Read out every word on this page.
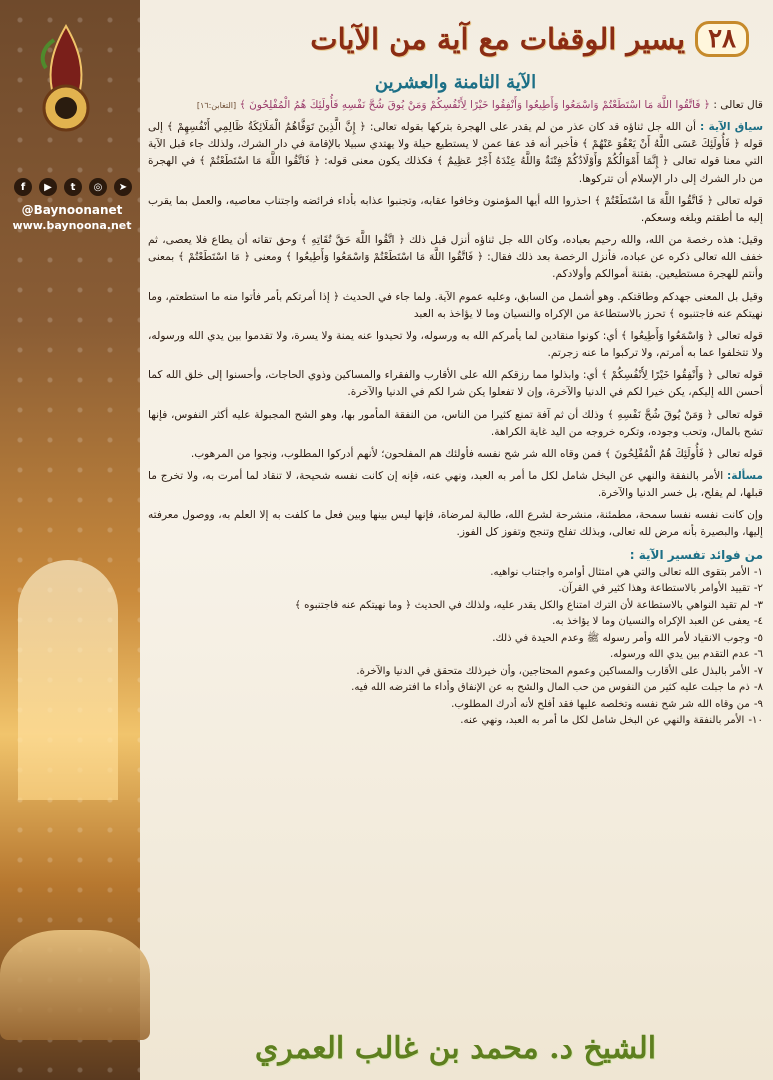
f	▶	t	◎	➤
@Baynoonanet
www.baynoona.net
٢٨
يسير الوقفات مع آية من الآيات
الآية الثامنة والعشرين

قال تعالى : ﴿ فَاتَّقُوا اللَّهَ مَا اسْتَطَعْتُمْ وَاسْمَعُوا وَأَطِيعُوا وَأَنْفِقُوا خَيْرًا لِأَنْفُسِكُمْ وَمَنْ يُوقَ شُحَّ نَفْسِهِ فَأُولَئِكَ هُمُ الْمُفْلِحُونَ ﴾ [التغابن:١٦]

سياق الآية : أن الله جل ثناؤه قد كان عذر من لم يقدر على الهجرة بتركها بقوله تعالى: ﴿ إِنَّ الَّذِينَ تَوَفَّاهُمُ الْمَلَائِكَةُ ظَالِمِي أَنْفُسِهِمْ ﴾ إلى قوله ﴿ فَأُولَئِكَ عَسَى اللَّهُ أَنْ يَعْفُوَ عَنْهُمْ ﴾ فأخبر أنه قد عفا عمن لا يستطيع حيلة ولا يهتدي سبيلا بالإقامة في دار الشرك، ولذلك جاء قبل الآية التي معنا قوله تعالى ﴿ إِنَّمَا أَمْوَالُكُمْ وَأَوْلَادُكُمْ فِتْنَةٌ وَاللَّهُ عِنْدَهُ أَجْرٌ عَظِيمٌ ﴾ فكذلك يكون معنى قوله: ﴿ فَاتَّقُوا اللَّهَ مَا اسْتَطَعْتُمْ ﴾ في الهجرة من دار الشرك إلى دار الإسلام أن تتركوها.

قوله تعالى ﴿ فَاتَّقُوا اللَّهَ مَا اسْتَطَعْتُمْ ﴾ احذروا الله أيها المؤمنون وخافوا عقابه، وتجنبوا عذابه بأداء فرائضه واجتناب معاصيه، والعمل بما يقرب إليه ما أطقتم وبلغه وسعكم.

وقيل: هذه رخصة من الله، والله رحيم بعباده، وكان الله جل ثناؤه أنزل قبل ذلك ﴿ اتَّقُوا اللَّهَ حَقَّ تُقَاتِهِ ﴾ وحق تقاته أن يطاع فلا يعصى، ثم خفف الله تعالى ذكره عن عباده، فأنزل الرخصة بعد ذلك فقال: ﴿ فَاتَّقُوا اللَّهَ مَا اسْتَطَعْتُمْ وَاسْمَعُوا وَأَطِيعُوا ﴾ ومعنى ﴿ مَا اسْتَطَعْتُمْ ﴾ بمعنى وأنتم للهجرة مستطيعين. بفتنة أموالكم وأولادكم.

وقيل بل المعنى جهدكم وطاقتكم. وهو أشمل من السابق، وعليه عموم الآية. ولما جاء في الحديث ﴿ إذا أمرتكم بأمر فأتوا منه ما استطعتم، وما نهيتكم عنه فاجتنبوه ﴾ تحرز بالاستطاعة من الإكراه والنسيان وما لا يؤاخذ به العبد

قوله تعالى ﴿ وَاسْمَعُوا وَأَطِيعُوا ﴾ أي: كونوا منقادين لما يأمركم الله به ورسوله، ولا تحيدوا عنه يمنة ولا يسرة، ولا تقدموا بين يدي الله ورسوله، ولا تتخلفوا عما به أمرتم، ولا تركبوا ما عنه زجرتم.

قوله تعالى ﴿ وَأَنْفِقُوا خَيْرًا لِأَنْفُسِكُمْ ﴾ أي: وابذلوا مما رزقكم الله على الأقارب والفقراء والمساكين وذوي الحاجات، وأحسنوا إلى خلق الله كما أحسن الله إليكم، يكن خيرا لكم في الدنيا والآخرة، وإن لا تفعلوا يكن شرا لكم في الدنيا والآخرة.

قوله تعالى ﴿ وَمَنْ يُوقَ شُحَّ نَفْسِهِ ﴾ وذلك أن ثم آفة تمنع كثيرا من الناس، من النفقة المأمور بها، وهو الشح المجبولة عليه أكثر النفوس، فإنها تشح بالمال، وتحب وجوده، وتكره خروجه من اليد غاية الكراهة.

قوله تعالى ﴿ فَأُولَئِكَ هُمُ الْمُفْلِحُونَ ﴾ فمن وقاه الله شر شح نفسه فأولئك هم المفلحون؛ لأنهم أدركوا المطلوب، ونجوا من المرهوب.

مسألة: الأمر بالنفقة والنهي عن البخل شامل لكل ما أمر به العبد، ونهي عنه، فإنه إن كانت نفسه شحيحة، لا تنقاد لما أمرت به، ولا تخرج ما قبلها، لم يفلح، بل خسر الدنيا والآخرة.

وإن كانت نفسه نفسا سمحة، مطمئنة، منشرحة لشرع الله، طالبة لمرضاة، فإنها ليس بينها وبين فعل ما كلفت به إلا العلم به، ووصول معرفته إليها، والبصيرة بأنه مرض لله تعالى، وبذلك تفلح وتنجح وتفوز كل الفوز.

من فوائد تفسير الآية :
١-الأمر بتقوى الله تعالى والتي هي امتثال أوامره واجتناب نواهيه.
٢-تقييد الأوامر بالاستطاعة وهذا كثير في القرآن.
٣-لم تقيد النواهي بالاستطاعة لأن الترك امتناع والكل يقدر عليه، ولذلك في الحديث ﴿ وما نهيتكم عنه فاجتنبوه ﴾
٤-يعفى عن العبد الإكراه والنسيان وما لا يؤاخذ به.
٥-وجوب الانقياد لأمر الله وأمر رسوله ﷺ وعدم الحيدة في ذلك.
٦-عدم التقدم بين يدي الله ورسوله.
٧-الأمر بالبذل على الأقارب والمساكين وعموم المحتاجين، وأن خيرذلك متحقق في الدنيا والآخرة.
٨-ذم ما جبلت عليه كثير من النفوس من حب المال والشح به عن الإنفاق وأداء ما افترضه الله فيه.
٩-من وقاه الله شر شح نفسه وتخلصه عليها فقد أفلح لأنه أدرك المطلوب.
١٠-الأمر بالنفقة والنهي عن البخل شامل لكل ما أمر به العبد، ونهي عنه.
الشيخ د. محمد بن غالب العمري
